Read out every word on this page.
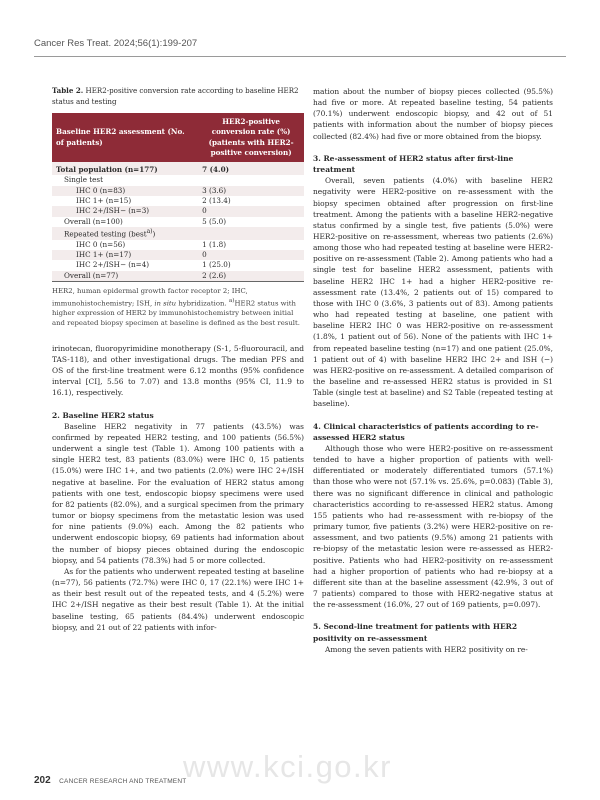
Cancer Res Treat. 2024;56(1):199-207
Table 2. HER2-positive conversion rate according to baseline HER2 status and testing
Baseline HER2 assessment (No. of patients)	HER2-positive conversion rate (%) (patients with HER2-positive conversion)
Total population (n=177)	7 (4.0)
Single test	
IHC 0 (n=83)	3 (3.6)
IHC 1+ (n=15)	2 (13.4)
IHC 2+/ISH− (n=3)	0
Overall (n=100)	5 (5.0)
Repeated testing (best$^{a)}$)	
IHC 0 (n=56)	1 (1.8)
IHC 1+ (n=17)	0
IHC 2+/ISH− (n=4)	1 (25.0)
Overall (n=77)	2 (2.6)

HER2, human epidermal growth factor receptor 2; IHC, immunohistochemistry; ISH, in situ hybridization. $^{a)}$HER2 status with higher expression of HER2 by immunohistochemistry between initial and repeated biopsy specimen at baseline is defined as the best result.

irinotecan, fluoropyrimidine monotherapy (S-1, 5-fluorouracil, and TAS-118), and other investigational drugs. The median PFS and OS of the first-line treatment were 6.12 months (95% confidence interval [CI], 5.56 to 7.07) and 13.8 months (95% CI, 11.9 to 16.1), respectively.

2. Baseline HER2 status

Baseline HER2 negativity in 77 patients (43.5%) was confirmed by repeated HER2 testing, and 100 patients (56.5%) underwent a single test (Table 1). Among 100 patients with a single HER2 test, 83 patients (83.0%) were IHC 0, 15 patients (15.0%) were IHC 1+, and two patients (2.0%) were IHC 2+/ISH negative at baseline. For the evaluation of HER2 status among patients with one test, endoscopic biopsy specimens were used for 82 patients (82.0%), and a surgical specimen from the primary tumor or biopsy specimens from the metastatic lesion was used for nine patients (9.0%) each. Among the 82 patients who underwent endoscopic biopsy, 69 patients had information about the number of biopsy pieces obtained during the endoscopic biopsy, and 54 patients (78.3%) had 5 or more collected.

As for the patients who underwent repeated testing at baseline (n=77), 56 patients (72.7%) were IHC 0, 17 (22.1%) were IHC 1+ as their best result out of the repeated tests, and 4 (5.2%) were IHC 2+/ISH negative as their best result (Table 1). At the initial baseline testing, 65 patients (84.4%) underwent endoscopic biopsy, and 21 out of 22 patients with infor-

mation about the number of biopsy pieces collected (95.5%) had five or more. At repeated baseline testing, 54 patients (70.1%) underwent endoscopic biopsy, and 42 out of 51 patients with information about the number of biopsy pieces collected (82.4%) had five or more obtained from the biopsy.

3. Re-assessment of HER2 status after first-line treatment

Overall, seven patients (4.0%) with baseline HER2 negativity were HER2-positive on re-assessment with the biopsy specimen obtained after progression on first-line treatment. Among the patients with a baseline HER2-negative status confirmed by a single test, five patients (5.0%) were HER2-positive on re-assessment, whereas two patients (2.6%) among those who had repeated testing at baseline were HER2-positive on re-assessment (Table 2). Among patients who had a single test for baseline HER2 assessment, patients with baseline HER2 IHC 1+ had a higher HER2-positive re-assessment rate (13.4%, 2 patients out of 15) compared to those with IHC 0 (3.6%, 3 patients out of 83). Among patients who had repeated testing at baseline, one patient with baseline HER2 IHC 0 was HER2-positive on re-assessment (1.8%, 1 patient out of 56). None of the patients with IHC 1+ from repeated baseline testing (n=17) and one patient (25.0%, 1 patient out of 4) with baseline HER2 IHC 2+ and ISH (−) was HER2-positive on re-assessment. A detailed comparison of the baseline and re-assessed HER2 status is provided in S1 Table (single test at baseline) and S2 Table (repeated testing at baseline).

4. Clinical characteristics of patients according to re-assessed HER2 status

Although those who were HER2-positive on re-assessment tended to have a higher proportion of patients with well-differentiated or moderately differentiated tumors (57.1%) than those who were not (57.1% vs. 25.6%, p=0.083) (Table 3), there was no significant difference in clinical and pathologic characteristics according to re-assessed HER2 status. Among 155 patients who had re-assessment with re-biopsy of the primary tumor, five patients (3.2%) were HER2-positive on re-assessment, and two patients (9.5%) among 21 patients with re-biopsy of the metastatic lesion were re-assessed as HER2-positive. Patients who had HER2-positivity on re-assessment had a higher proportion of patients who had re-biopsy at a different site than at the baseline assessment (42.9%, 3 out of 7 patients) compared to those with HER2-negative status at the re-assessment (16.0%, 27 out of 169 patients, p=0.097).

5. Second-line treatment for patients with HER2 positivity on re-assessment

Among the seven patients with HER2 positivity on re-

www.kci.go.kr
202 CANCER RESEARCH AND TREATMENT
